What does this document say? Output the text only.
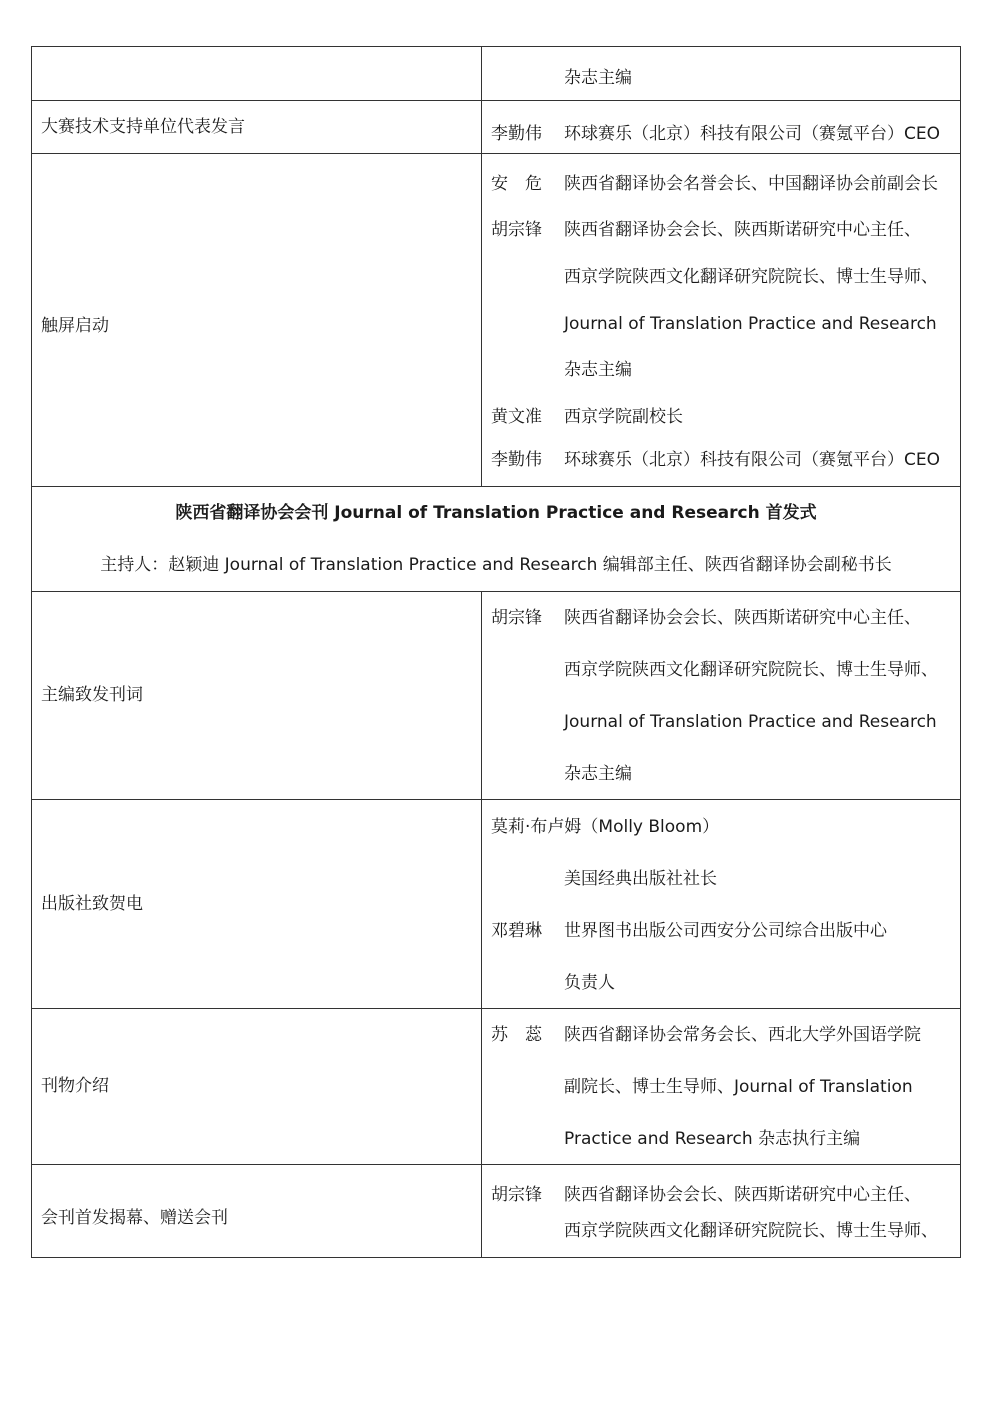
杂志主编
大赛技术支持单位代表发言	李勤伟 环球赛乐（北京）科技有限公司（赛氪平台）CEO
触屏启动
安　危 陕西省翻译协会名誉会长、中国翻译协会前副会长
胡宗锋 陕西省翻译协会会长、陕西斯诺研究中心主任、
西京学院陕西文化翻译研究院院长、博士生导师、
Journal of Translation Practice and Research
杂志主编
黄文准 西京学院副校长
李勤伟 环球赛乐（北京）科技有限公司（赛氪平台）CEO
陕西省翻译协会会刊 Journal of Translation Practice and Research 首发式
主持人：赵颖迪 Journal of Translation Practice and Research 编辑部主任、陕西省翻译协会副秘书长
主编致发刊词
胡宗锋 陕西省翻译协会会长、陕西斯诺研究中心主任、
西京学院陕西文化翻译研究院院长、博士生导师、
Journal of Translation Practice and Research
杂志主编
出版社致贺电
莫莉·布卢姆（Molly Bloom）
美国经典出版社社长
邓碧琳 世界图书出版公司西安分公司综合出版中心
负责人
刊物介绍
苏　蕊 陕西省翻译协会常务会长、西北大学外国语学院
副院长、博士生导师、Journal of Translation
Practice and Research 杂志执行主编
会刊首发揭幕、赠送会刊
胡宗锋 陕西省翻译协会会长、陕西斯诺研究中心主任、
西京学院陕西文化翻译研究院院长、博士生导师、
